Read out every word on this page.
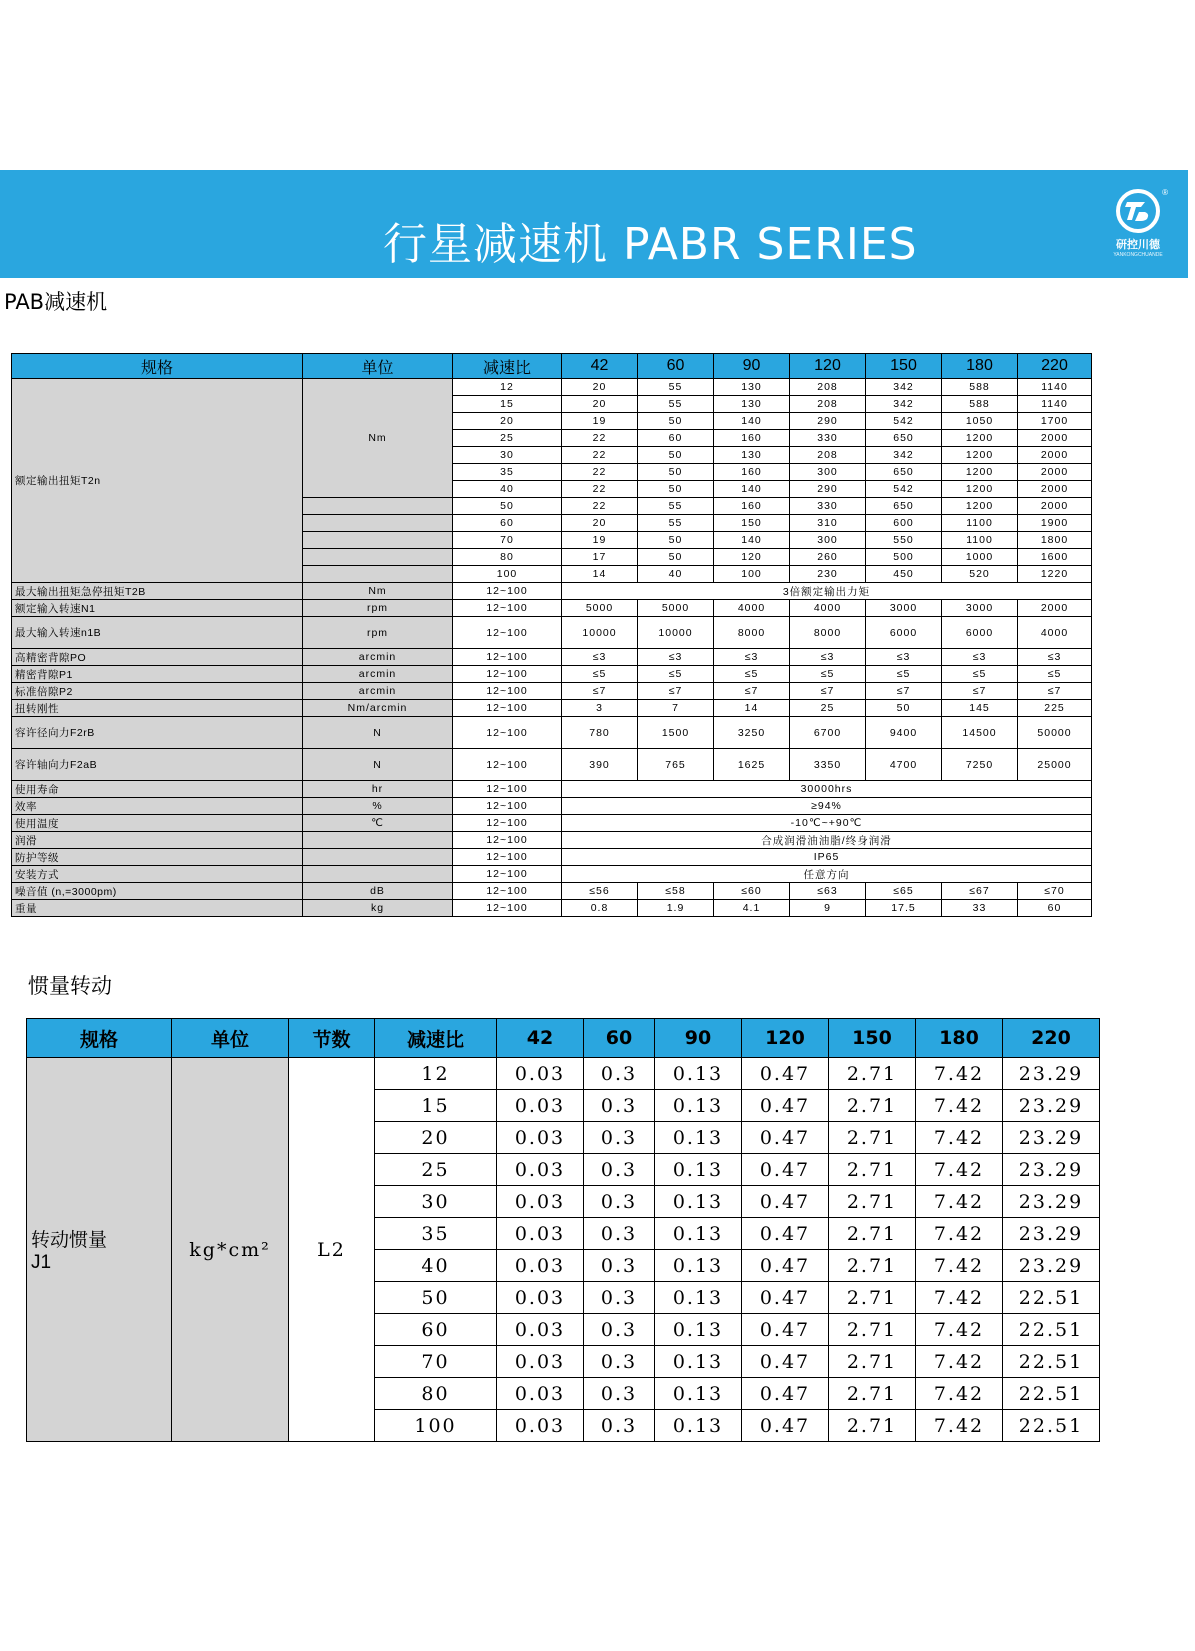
行星减速机 PABR SERIES
®
研控川德
YANKONGCHUANDE
PAB减速机
规格	单位	减速比	42	60	90	120	150	180	220
额定输出扭矩T2n	Nm	12	20	55	130	208	342	588	1140
		15	20	55	130	208	342	588	1140
		20	19	50	140	290	542	1050	1700
		25	22	60	160	330	650	1200	2000
		30	22	50	130	208	342	1200	2000
		35	22	50	160	300	650	1200	2000
		40	22	50	140	290	542	1200	2000
		50	22	55	160	330	650	1200	2000
		60	20	55	150	310	600	1100	1900
		70	19	50	140	300	550	1100	1800
		80	17	50	120	260	500	1000	1600
		100	14	40	100	230	450	520	1220
最大输出扭矩急停扭矩T2B	Nm	12~100	3倍额定输出力矩						
额定输入转速N1	rpm	12~100	5000	5000	4000	4000	3000	3000	2000
最大输入转速n1B	rpm	12~100	10000	10000	8000	8000	6000	6000	4000
高精密背隙PO	arcmin	12~100	≤3	≤3	≤3	≤3	≤3	≤3	≤3
精密背隙P1	arcmin	12~100	≤5	≤5	≤5	≤5	≤5	≤5	≤5
标准倍隙P2	arcmin	12~100	≤7	≤7	≤7	≤7	≤7	≤7	≤7
扭转刚性	Nm/arcmin	12~100	3	7	14	25	50	145	225
容许径向力F2rB	N	12~100	780	1500	3250	6700	9400	14500	50000
容许轴向力F2aB	N	12~100	390	765	1625	3350	4700	7250	25000
使用寿命	hr	12~100	30000hrs						
效率	%	12~100	≥94%						
使用温度	℃	12~100	-10℃~+90℃						
润滑		12~100	合成润滑油油脂/终身润滑						
防护等级		12~100	IP65						
安装方式		12~100	任意方向						
噪音值 (n,=3000pm)	dB	12~100	≤56	≤58	≤60	≤63	≤65	≤67	≤70
重量	kg	12~100	0.8	1.9	4.1	9	17.5	33	60
惯量转动
规格	单位	节数	减速比	42	60	90	120	150	180	220

转动惯量
J1	kg*cm²	L2	12	0.03	0.3	0.13	0.47	2.71	7.42	23.29
			15	0.03	0.3	0.13	0.47	2.71	7.42	23.29
			20	0.03	0.3	0.13	0.47	2.71	7.42	23.29
			25	0.03	0.3	0.13	0.47	2.71	7.42	23.29
			30	0.03	0.3	0.13	0.47	2.71	7.42	23.29
			35	0.03	0.3	0.13	0.47	2.71	7.42	23.29
			40	0.03	0.3	0.13	0.47	2.71	7.42	23.29
			50	0.03	0.3	0.13	0.47	2.71	7.42	22.51
			60	0.03	0.3	0.13	0.47	2.71	7.42	22.51
			70	0.03	0.3	0.13	0.47	2.71	7.42	22.51
			80	0.03	0.3	0.13	0.47	2.71	7.42	22.51
			100	0.03	0.3	0.13	0.47	2.71	7.42	22.51
